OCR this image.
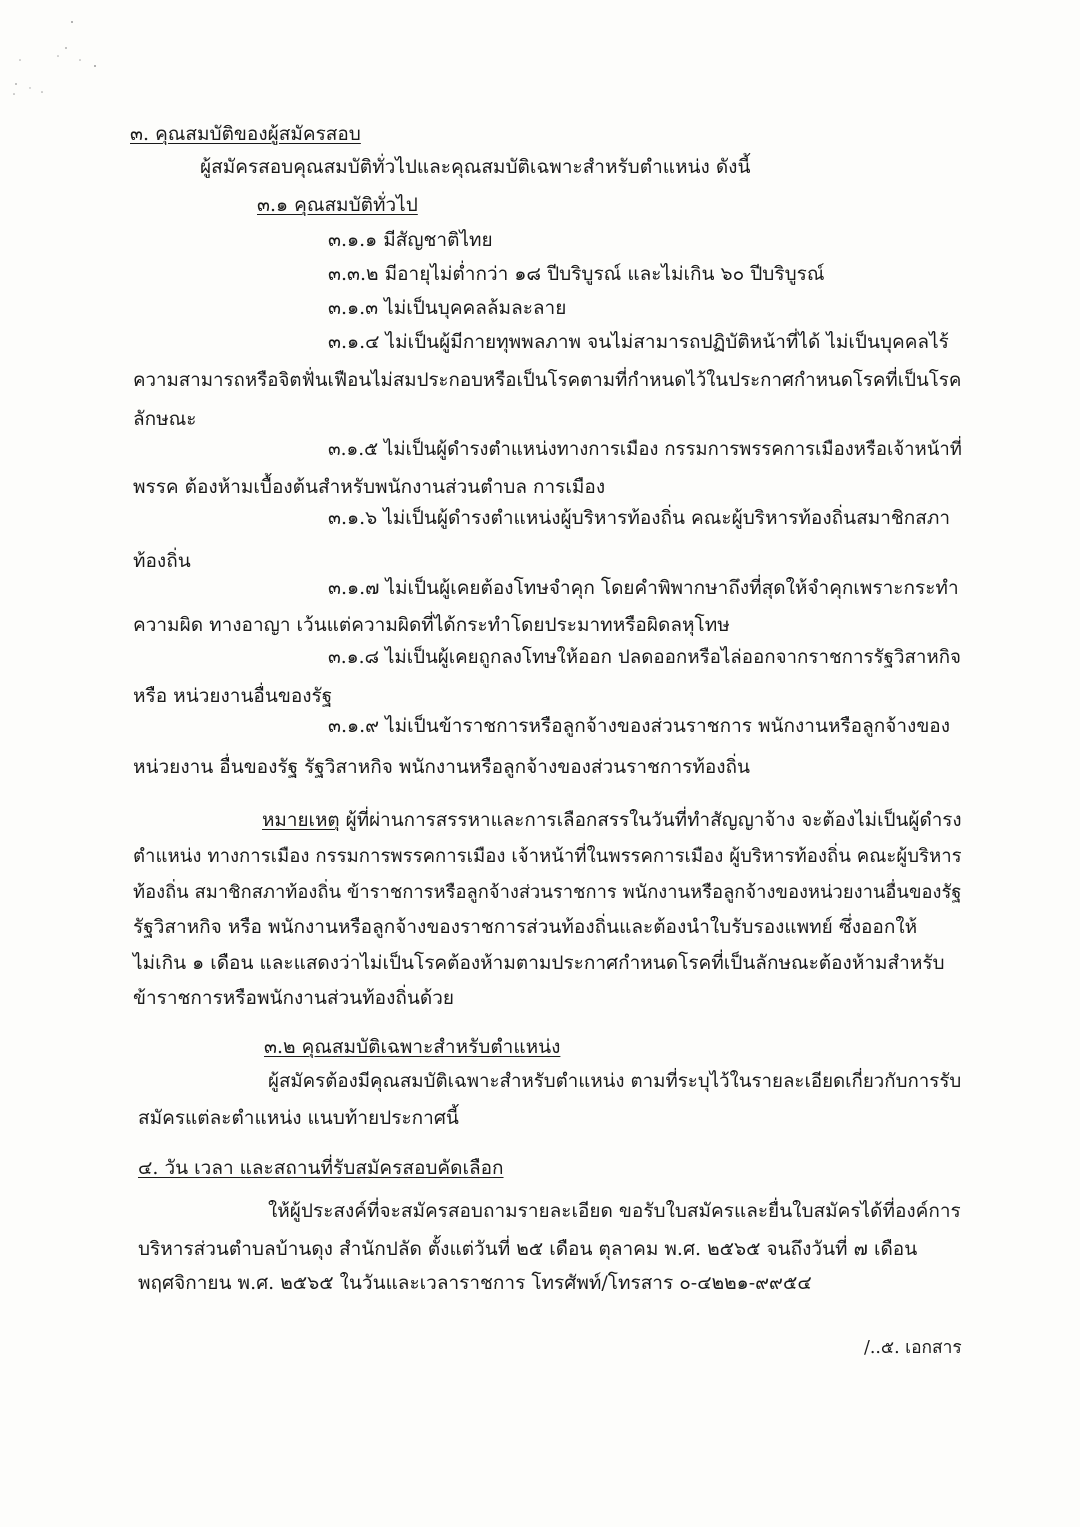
๓. คุณสมบัติของผู้สมัครสอบ
ผู้สมัครสอบคุณสมบัติทั่วไปและคุณสมบัติเฉพาะสำหรับตำแหน่ง ดังนี้
๓.๑ คุณสมบัติทั่วไป
๓.๑.๑ มีสัญชาติไทย
๓.๓.๒ มีอายุไม่ต่ำกว่า ๑๘ ปีบริบูรณ์ และไม่เกิน ๖๐ ปีบริบูรณ์
๓.๑.๓ ไม่เป็นบุคคลล้มละลาย
๓.๑.๔ ไม่เป็นผู้มีกายทุพพลภาพ จนไม่สามารถปฏิบัติหน้าที่ได้ ไม่เป็นบุคคลไร้
ความสามารถหรือจิตฟั่นเฟือนไม่สมประกอบหรือเป็นโรคตามที่กำหนดไว้ในประกาศกำหนดโรคที่เป็นโรค
ลักษณะ
๓.๑.๕ ไม่เป็นผู้ดำรงตำแหน่งทางการเมือง กรรมการพรรคการเมืองหรือเจ้าหน้าที่
พรรค ต้องห้ามเบื้องต้นสำหรับพนักงานส่วนตำบล การเมือง
๓.๑.๖ ไม่เป็นผู้ดำรงตำแหน่งผู้บริหารท้องถิ่น คณะผู้บริหารท้องถิ่นสมาชิกสภา
ท้องถิ่น
๓.๑.๗ ไม่เป็นผู้เคยต้องโทษจำคุก โดยคำพิพากษาถึงที่สุดให้จำคุกเพราะกระทำ
ความผิด ทางอาญา เว้นแต่ความผิดที่ได้กระทำโดยประมาทหรือผิดลหุโทษ
๓.๑.๘ ไม่เป็นผู้เคยถูกลงโทษให้ออก ปลดออกหรือไล่ออกจากราชการรัฐวิสาหกิจ
หรือ หน่วยงานอื่นของรัฐ
๓.๑.๙ ไม่เป็นข้าราชการหรือลูกจ้างของส่วนราชการ พนักงานหรือลูกจ้างของ
หน่วยงาน อื่นของรัฐ รัฐวิสาหกิจ พนักงานหรือลูกจ้างของส่วนราชการท้องถิ่น
หมายเหตุ ผู้ที่ผ่านการสรรหาและการเลือกสรรในวันที่ทำสัญญาจ้าง จะต้องไม่เป็นผู้ดำรง
ตำแหน่ง ทางการเมือง กรรมการพรรคการเมือง เจ้าหน้าที่ในพรรคการเมือง ผู้บริหารท้องถิ่น คณะผู้บริหาร
ท้องถิ่น สมาชิกสภาท้องถิ่น ข้าราชการหรือลูกจ้างส่วนราชการ พนักงานหรือลูกจ้างของหน่วยงานอื่นของรัฐ
รัฐวิสาหกิจ หรือ พนักงานหรือลูกจ้างของราชการส่วนท้องถิ่นและต้องนำใบรับรองแพทย์ ซึ่งออกให้
ไม่เกิน ๑ เดือน และแสดงว่าไม่เป็นโรคต้องห้ามตามประกาศกำหนดโรคที่เป็นลักษณะต้องห้ามสำหรับ
ข้าราชการหรือพนักงานส่วนท้องถิ่นด้วย
๓.๒ คุณสมบัติเฉพาะสำหรับตำแหน่ง
ผู้สมัครต้องมีคุณสมบัติเฉพาะสำหรับตำแหน่ง ตามที่ระบุไว้ในรายละเอียดเกี่ยวกับการรับ
สมัครแต่ละตำแหน่ง แนบท้ายประกาศนี้
๔. วัน เวลา และสถานที่รับสมัครสอบคัดเลือก
ให้ผู้ประสงค์ที่จะสมัครสอบถามรายละเอียด ขอรับใบสมัครและยื่นใบสมัครได้ที่องค์การ
บริหารส่วนตำบลบ้านดุง สำนักปลัด ตั้งแต่วันที่ ๒๕ เดือน ตุลาคม พ.ศ. ๒๕๖๕ จนถึงวันที่ ๗ เดือน
พฤศจิกายน พ.ศ. ๒๕๖๕ ในวันและเวลาราชการ โทรศัพท์/โทรสาร ๐-๔๒๒๑-๙๙๕๔
/..๕. เอกสาร
